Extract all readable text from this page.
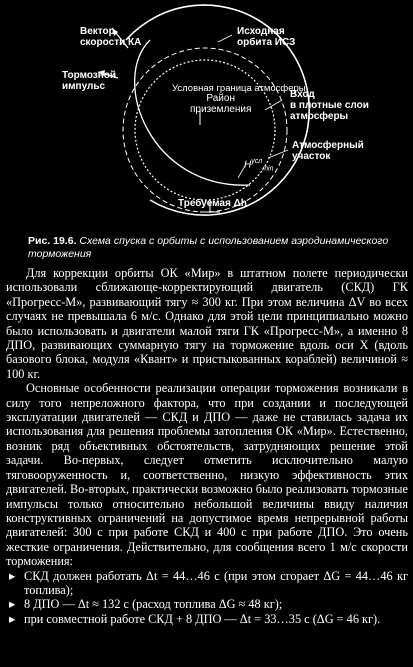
Вектор
скорости КА
Исходная
орбита ИСЗ
Тормозной
импульс	Условная граница атмосферы
Район
приземления
Вход
в плотные слои
атмосферы
Атмосферный
участок
$H^{усл}_{min}$
Требуемая Δh
Рис. 19.6. Схема спуска с орбиты с использованием аэродинамического торможения

Для коррекции орбиты ОК «Мир» в штатном полете периодически использовали сближающе-корректирующий двигатель (СКД) ГК «Прогресс-М», развивающий тягу ≈ 300 кг. При этом величина ΔV во всех случаях не превышала 6 м/с. Однако для этой цели принципиально можно было использовать и двигатели малой тяги ГК «Прогресс-М», а именно 8 ДПО, развивающих суммарную тягу на торможение вдоль оси X (вдоль базового блока, модуля «Квант» и пристыкованных кораблей) величиной ≈ 100 кг.

Основные особенности реализации операции торможения возникали в силу того непреложного фактора, что при создании и последующей эксплуатации двигателей — СКД и ДПО — даже не ставилась задача их использования для решения проблемы затопления ОК «Мир». Естественно, возник ряд объективных обстоятельств, затрудняющих решение этой задачи. Во-первых, следует отметить исключительно малую тяговооруженность и, соответственно, низкую эффективность этих двигателей. Во-вторых, практически возможно было реализовать тормозные импульсы только относительно небольшой величины ввиду наличия конструктивных ограничений на допустимое время непрерывной работы двигателей: 300 с при работе СКД и 400 с при работе ДПО. Это очень жесткие ограничения. Действительно, для сообщения всего 1 м/с скорости торможения:

▸ СКД должен работать Δt = 44…46 с (при этом сгорает ΔG = 44…46 кг топлива);
▸ 8 ДПО — Δt ≈ 132 с (расход топлива ΔG ≈ 48 кг);
▸ при совместной работе СКД + 8 ДПО — Δt = 33…35 с (ΔG = 46 кг).
